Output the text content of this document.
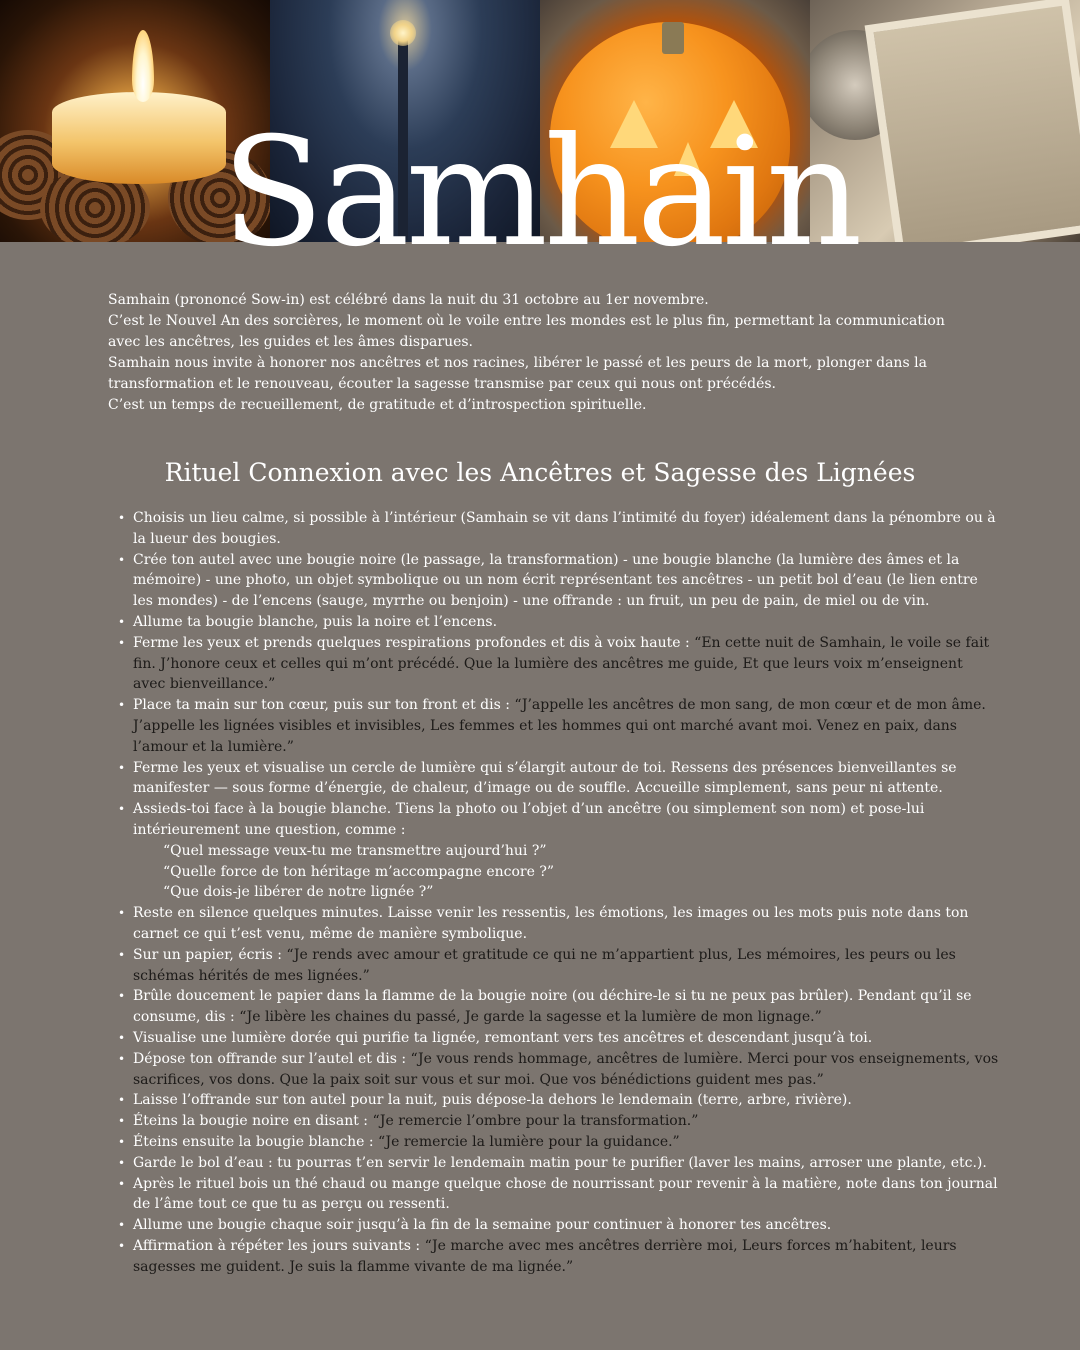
Samhain

Samhain (prononcé Sow-in) est célébré dans la nuit du 31 octobre au 1er novembre.

C’est le Nouvel An des sorcières, le moment où le voile entre les mondes est le plus fin, permettant la communication avec les ancêtres, les guides et les âmes disparues.

Samhain nous invite à honorer nos ancêtres et nos racines, libérer le passé et les peurs de la mort, plonger dans la transformation et le renouveau, écouter la sagesse transmise par ceux qui nous ont précédés.

C’est un temps de recueillement, de gratitude et d’introspection spirituelle.

Rituel Connexion avec les Ancêtres et Sagesse des Lignées
• Choisis un lieu calme, si possible à l’intérieur (Samhain se vit dans l’intimité du foyer) idéalement dans la pénombre ou à la lueur des bougies.
• Crée ton autel avec une bougie noire (le passage, la transformation) - une bougie blanche (la lumière des âmes et la mémoire) - une photo, un objet symbolique ou un nom écrit représentant tes ancêtres - un petit bol d’eau (le lien entre les mondes) - de l’encens (sauge, myrrhe ou benjoin) - une offrande : un fruit, un peu de pain, de miel ou de vin.
• Allume ta bougie blanche, puis la noire et l’encens.
• Ferme les yeux et prends quelques respirations profondes et dis à voix haute : “En cette nuit de Samhain, le voile se fait fin. J’honore ceux et celles qui m’ont précédé. Que la lumière des ancêtres me guide, Et que leurs voix m’enseignent avec bienveillance.”
• Place ta main sur ton cœur, puis sur ton front et dis : “J’appelle les ancêtres de mon sang, de mon cœur et de mon âme. J’appelle les lignées visibles et invisibles, Les femmes et les hommes qui ont marché avant moi. Venez en paix, dans l’amour et la lumière.”
• Ferme les yeux et visualise un cercle de lumière qui s’élargit autour de toi. Ressens des présences bienveillantes se manifester — sous forme d’énergie, de chaleur, d’image ou de souffle. Accueille simplement, sans peur ni attente.
• Assieds-toi face à la bougie blanche. Tiens la photo ou l’objet d’un ancêtre (ou simplement son nom) et pose-lui intérieurement une question, comme :
“Quel message veux-tu me transmettre aujourd’hui ?”
“Quelle force de ton héritage m’accompagne encore ?”
“Que dois-je libérer de notre lignée ?”
• Reste en silence quelques minutes. Laisse venir les ressentis, les émotions, les images ou les mots puis note dans ton carnet ce qui t’est venu, même de manière symbolique.
• Sur un papier, écris : “Je rends avec amour et gratitude ce qui ne m’appartient plus, Les mémoires, les peurs ou les schémas hérités de mes lignées.”
• Brûle doucement le papier dans la flamme de la bougie noire (ou déchire-le si tu ne peux pas brûler). Pendant qu’il se consume, dis : “Je libère les chaines du passé, Je garde la sagesse et la lumière de mon lignage.”
• Visualise une lumière dorée qui purifie ta lignée, remontant vers tes ancêtres et descendant jusqu’à toi.
• Dépose ton offrande sur l’autel et dis : “Je vous rends hommage, ancêtres de lumière. Merci pour vos enseignements, vos sacrifices, vos dons. Que la paix soit sur vous et sur moi. Que vos bénédictions guident mes pas.”
• Laisse l’offrande sur ton autel pour la nuit, puis dépose-la dehors le lendemain (terre, arbre, rivière).
• Éteins la bougie noire en disant : “Je remercie l’ombre pour la transformation.”
• Éteins ensuite la bougie blanche : “Je remercie la lumière pour la guidance.”
• Garde le bol d’eau : tu pourras t’en servir le lendemain matin pour te purifier (laver les mains, arroser une plante, etc.).
• Après le rituel bois un thé chaud ou mange quelque chose de nourrissant pour revenir à la matière, note dans ton journal de l’âme tout ce que tu as perçu ou ressenti.
• Allume une bougie chaque soir jusqu’à la fin de la semaine pour continuer à honorer tes ancêtres.
• Affirmation à répéter les jours suivants : “Je marche avec mes ancêtres derrière moi, Leurs forces m’habitent, leurs sagesses me guident. Je suis la flamme vivante de ma lignée.”
